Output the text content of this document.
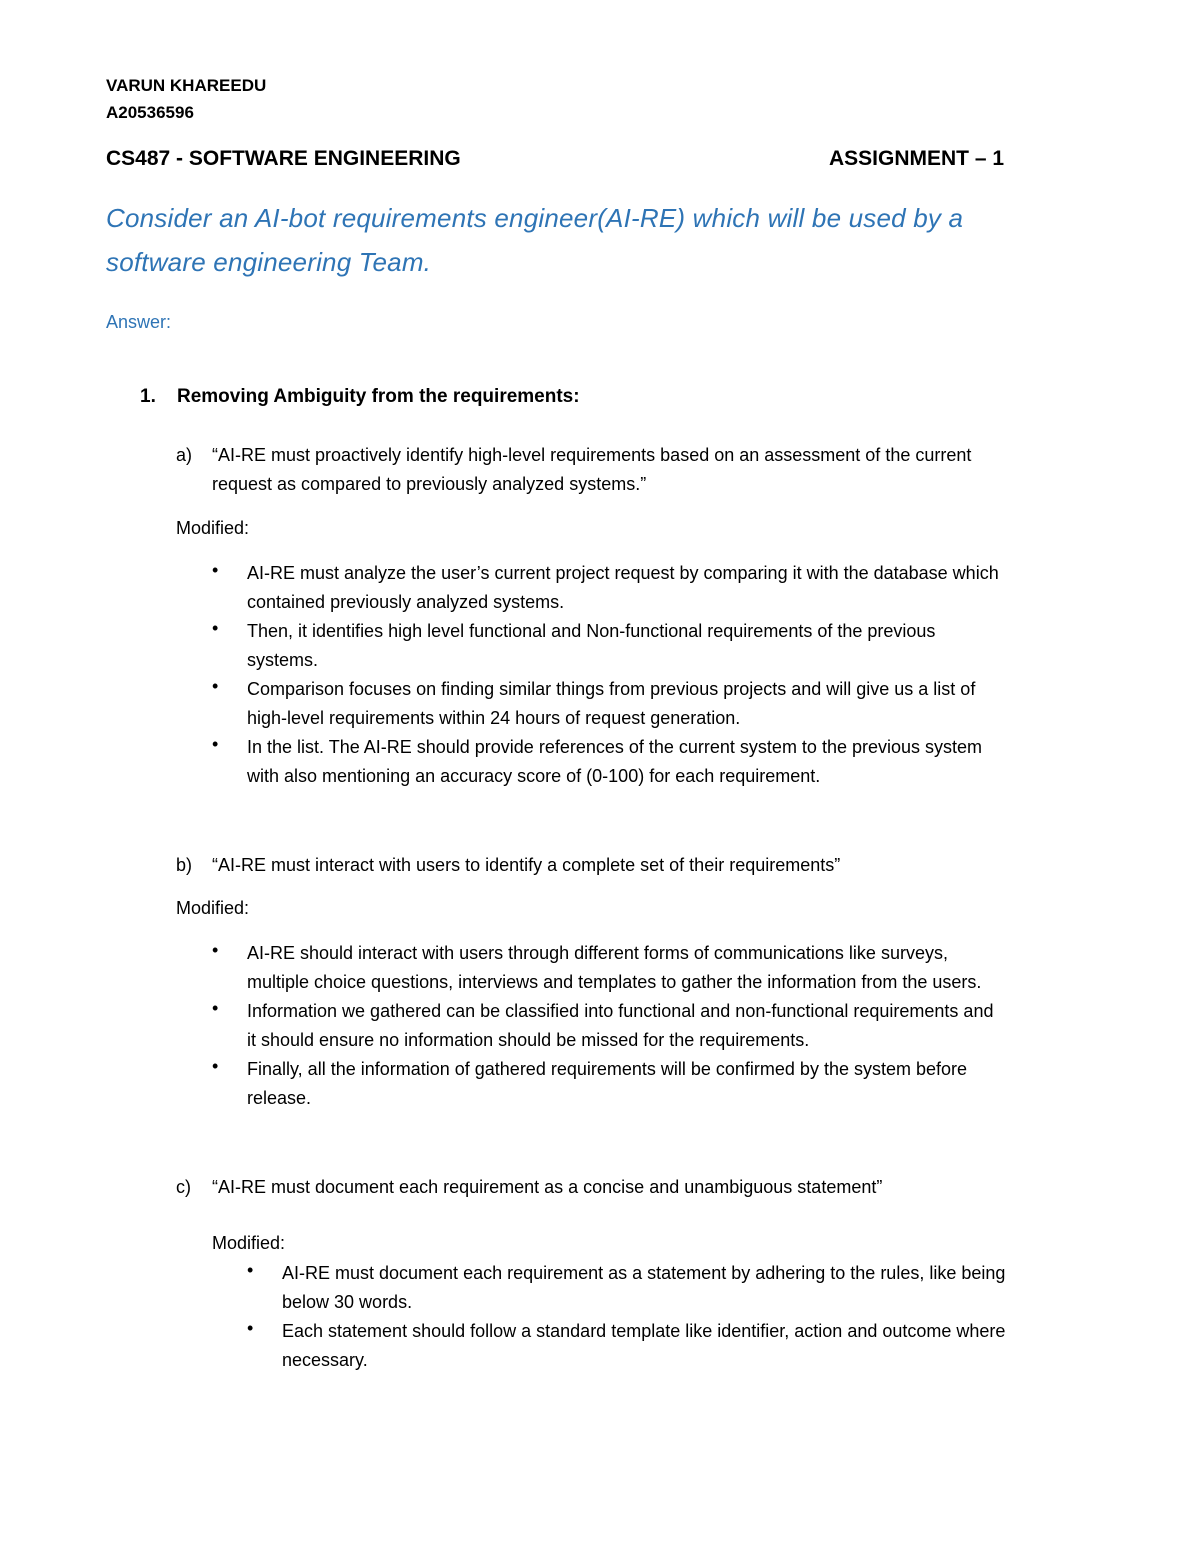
VARUN KHAREEDU

A20536596

CS487 - SOFTWARE ENGINEERING	ASSIGNMENT – 1

Consider an AI-bot requirements engineer(AI-RE) which will be used by a

software engineering Team.

Answer:

1. Removing Ambiguity from the requirements:

a) “AI-RE must proactively identify high-level requirements based on an assessment of the current

request as compared to previously analyzed systems.”

Modified:

• AI-RE must analyze the user’s current project request by comparing it with the database which

contained previously analyzed systems.

• Then, it identifies high level functional and Non-functional requirements of the previous

systems.

• Comparison focuses on finding similar things from previous projects and will give us a list of

high-level requirements within 24 hours of request generation.

• In the list. The AI-RE should provide references of the current system to the previous system

with also mentioning an accuracy score of (0-100) for each requirement.

b) “AI-RE must interact with users to identify a complete set of their requirements”

Modified:

• AI-RE should interact with users through different forms of communications like surveys,

multiple choice questions, interviews and templates to gather the information from the users.

• Information we gathered can be classified into functional and non-functional requirements and

it should ensure no information should be missed for the requirements.

• Finally, all the information of gathered requirements will be confirmed by the system before

release.

c) “AI-RE must document each requirement as a concise and unambiguous statement”

Modified:

• AI-RE must document each requirement as a statement by adhering to the rules, like being

below 30 words.

• Each statement should follow a standard template like identifier, action and outcome where

necessary.
